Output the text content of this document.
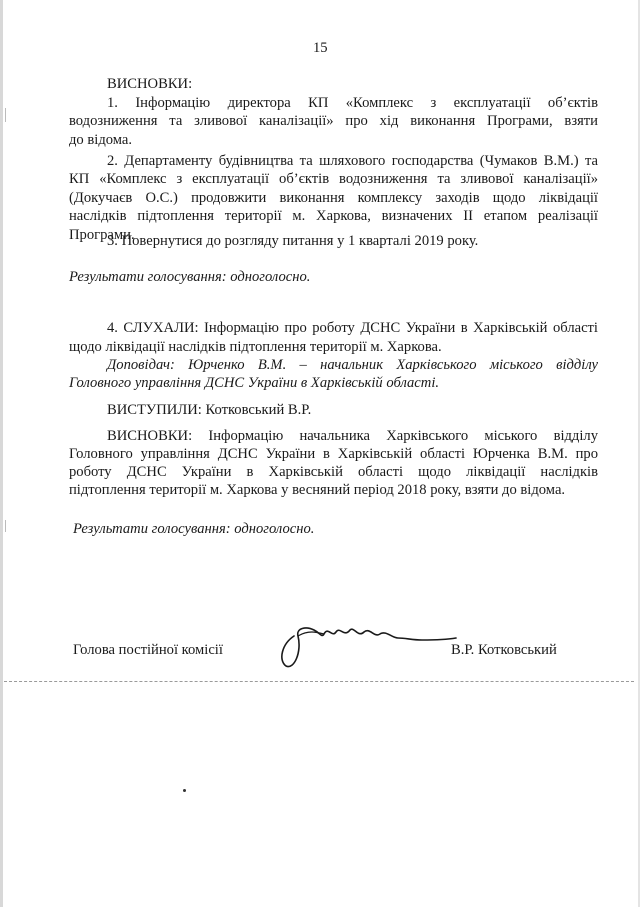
15
ВИСНОВКИ:
1. Інформацію директора КП «Комплекс з експлуатації об’єктів
водозниження та зливової каналізації» про хід виконання Програми, взяти
до відома.
2. Департаменту будівництва та шляхового господарства (Чумаков В.М.) та
КП «Комплекс з експлуатації об’єктів водозниження та зливової каналізації»
(Докучаєв О.С.) продовжити виконання комплексу заходів щодо ліквідації
наслідків підтоплення території м. Харкова, визначених ІІ етапом реалізації
Програми.
3. Повернутися до розгляду питання у 1 кварталі 2019 року.
Результати голосування: одноголосно.
4. СЛУХАЛИ: Інформацію про роботу ДСНС України в Харківській області
щодо ліквідації наслідків підтоплення території м. Харкова.
Доповідач: Юрченко В.М. – начальник Харківського міського відділу
Головного управління ДСНС України в Харківській області.
ВИСТУПИЛИ: Котковський В.Р.
ВИСНОВКИ: Інформацію начальника Харківського міського відділу
Головного управління ДСНС України в Харківській області Юрченка В.М. про
роботу ДСНС України в Харківській області щодо ліквідації наслідків
підтоплення території м. Харкова у весняний період 2018 року, взяти до відома.
Результати голосування: одноголосно.
Голова постійної комісії	В.Р. Котковський
